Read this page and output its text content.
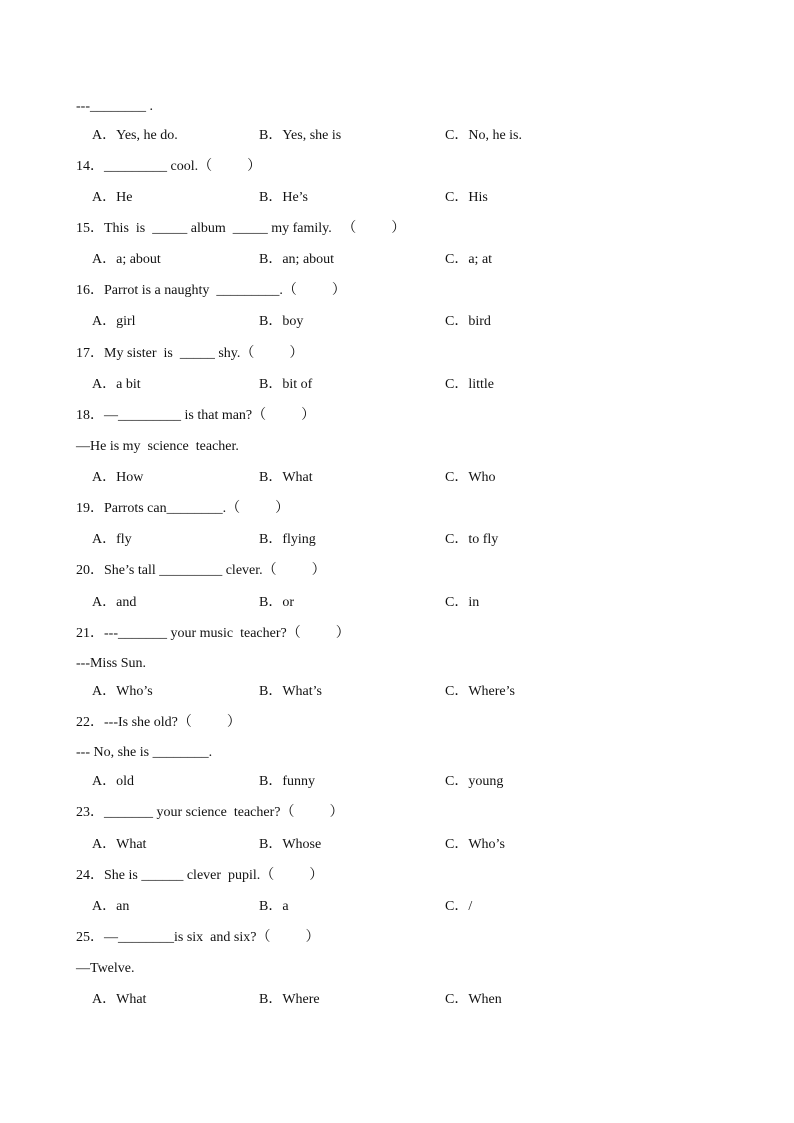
---________ .
A．Yes, he do.	B．Yes, she is	C．No, he is.
14．_________ cool.（          ）
A．He	B．He’s	C．His
15．This  is  _____ album  _____ my family.   （          ）
A．a; about	B．an; about	C．a; at
16．Parrot is a naughty  _________.（          ）
A．girl	B．boy	C．bird
17．My sister  is  _____ shy.（          ）
A．a bit	B．bit of	C．little
18．—_________ is that man?（          ）
—He is my  science  teacher.
A．How	B．What	C．Who
19．Parrots can________.（          ）
A．fly	B．flying	C．to fly
20．She’s tall _________ clever.（          ）
A．and	B．or	C．in
21．---_______ your music  teacher?（          ）
---Miss Sun.
A．Who’s	B．What’s	C．Where’s
22．---Is she old?（          ）
--- No, she is ________.
A．old	B．funny	C．young
23．_______ your science  teacher?（          ）
A．What	B．Whose	C．Who’s
24．She is ______ clever  pupil.（          ）
A．an	B．a	C．/
25．—________is six  and six?（          ）
—Twelve.
A．What	B．Where	C．When
